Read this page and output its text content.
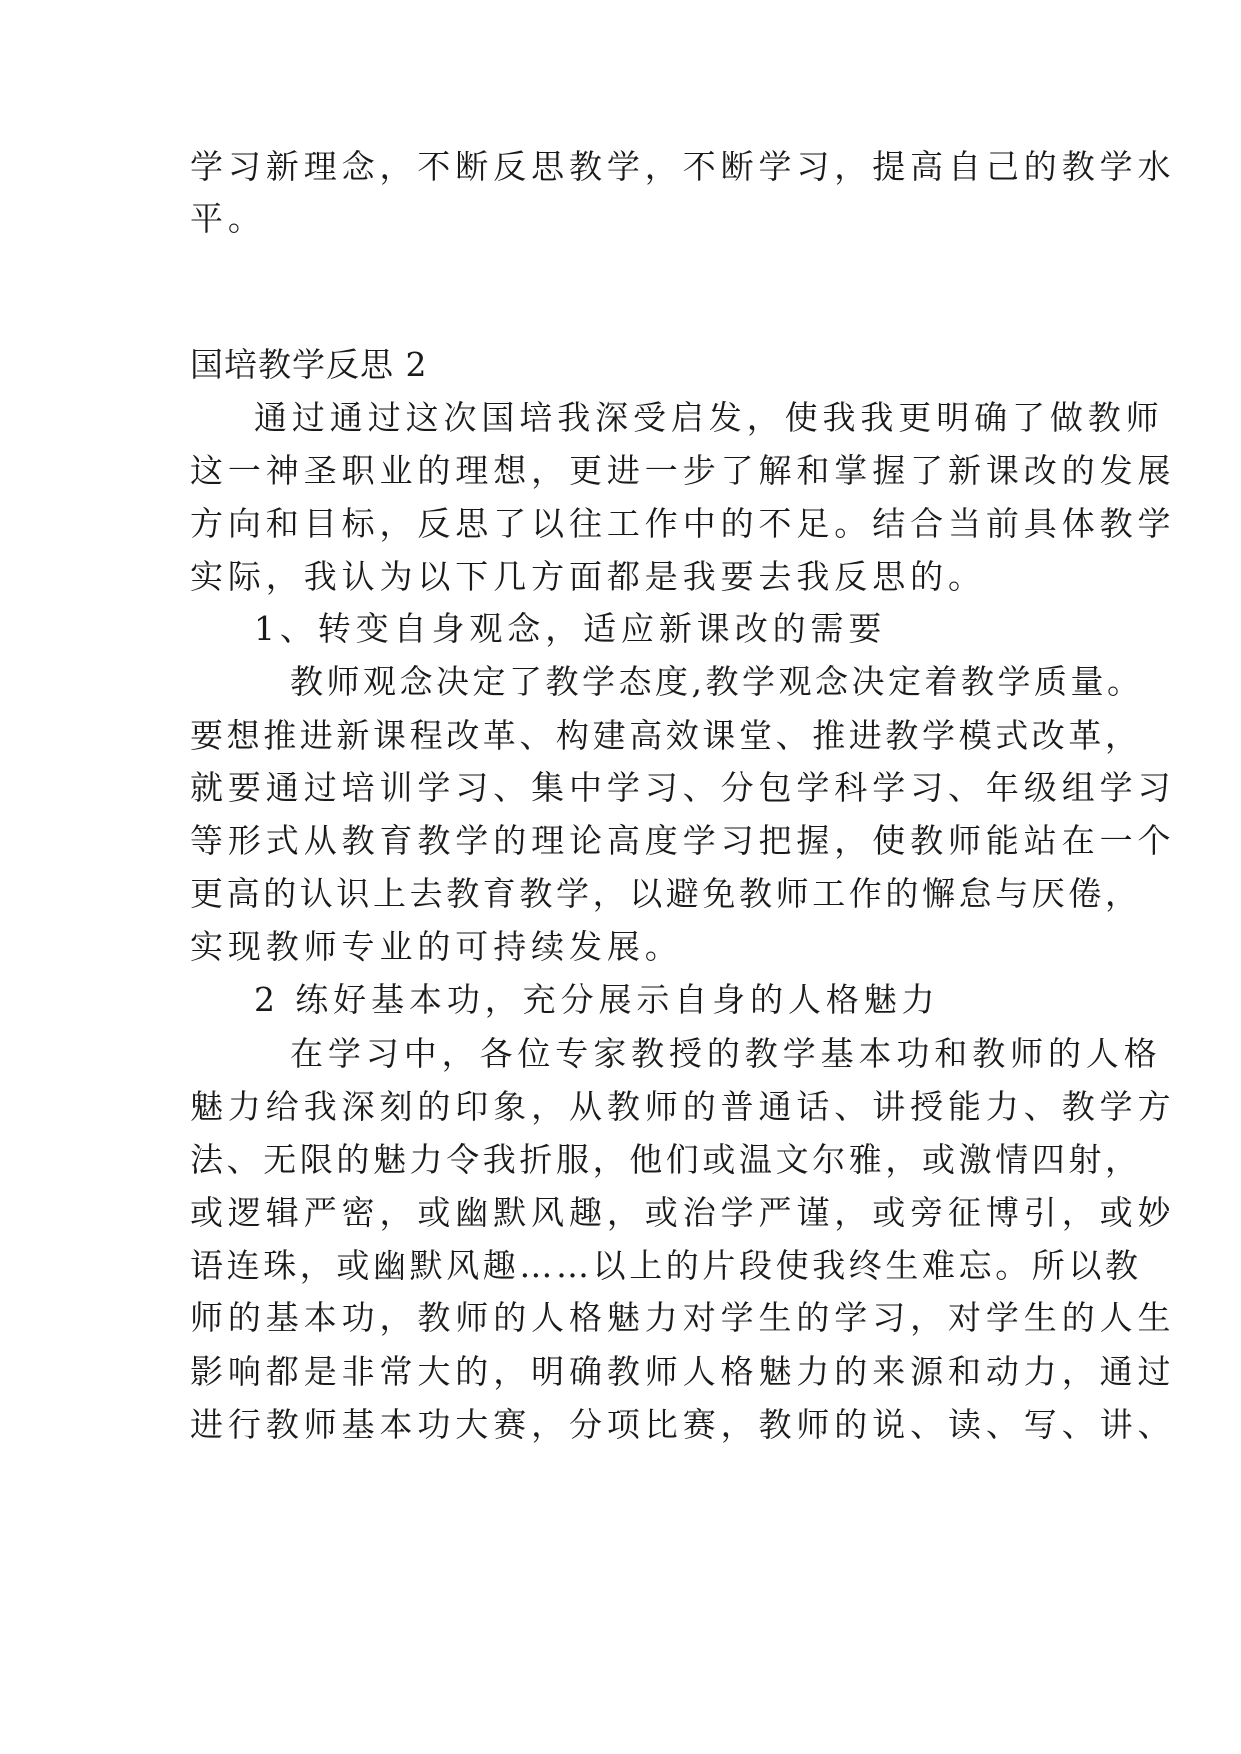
学习新理念，不断反思教学，不断学习，提高自己的教学水
平。
国培教学反思 2
通过通过这次国培我深受启发，使我我更明确了做教师
这一神圣职业的理想，更进一步了解和掌握了新课改的发展
方向和目标，反思了以往工作中的不足。结合当前具体教学
实际，我认为以下几方面都是我要去我反思的。
1、转变自身观念，适应新课改的需要
教师观念决定了教学态度,教学观念决定着教学质量。
要想推进新课程改革、构建高效课堂、推进教学模式改革，
就要通过培训学习、集中学习、分包学科学习、年级组学习
等形式从教育教学的理论高度学习把握，使教师能站在一个
更高的认识上去教育教学，以避免教师工作的懈怠与厌倦，
实现教师专业的可持续发展。
2 练好基本功，充分展示自身的人格魅力
在学习中，各位专家教授的教学基本功和教师的人格
魅力给我深刻的印象，从教师的普通话、讲授能力、教学方
法、无限的魅力令我折服，他们或温文尔雅，或激情四射，
或逻辑严密，或幽默风趣，或治学严谨，或旁征博引，或妙
语连珠，或幽默风趣……以上的片段使我终生难忘。所以教
师的基本功，教师的人格魅力对学生的学习，对学生的人生
影响都是非常大的，明确教师人格魅力的来源和动力，通过
进行教师基本功大赛，分项比赛，教师的说、读、写、讲、
